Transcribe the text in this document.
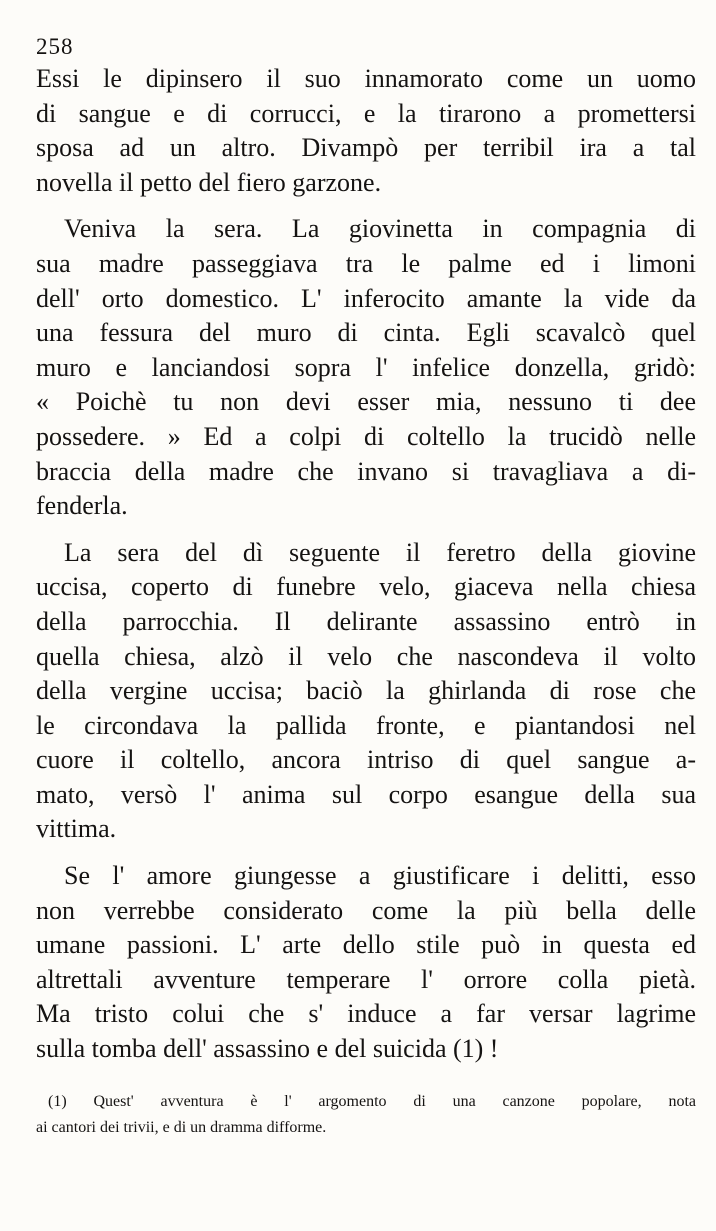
258

Essi le dipinsero il suo innamorato come un uomo
di sangue e di corrucci, e la tirarono a promettersi
sposa ad un altro. Divampò per terribil ira a tal
novella il petto del fiero garzone.

Veniva la sera. La giovinetta in compagnia di
sua madre passeggiava tra le palme ed i limoni
dell' orto domestico. L' inferocito amante la vide da
una fessura del muro di cinta. Egli scavalcò quel
muro e lanciandosi sopra l' infelice donzella, gridò:
« Poichè tu non devi esser mia, nessuno ti dee
possedere. » Ed a colpi di coltello la trucidò nelle
braccia della madre che invano si travagliava a di-
fenderla.

La sera del dì seguente il feretro della giovine
uccisa, coperto di funebre velo, giaceva nella chiesa
della parrocchia. Il delirante assassino entrò in
quella chiesa, alzò il velo che nascondeva il volto
della vergine uccisa; baciò la ghirlanda di rose che
le circondava la pallida fronte, e piantandosi nel
cuore il coltello, ancora intriso di quel sangue a-
mato, versò l' anima sul corpo esangue della sua
vittima.

Se l' amore giungesse a giustificare i delitti, esso
non verrebbe considerato come la più bella delle
umane passioni. L' arte dello stile può in questa ed
altrettali avventure temperare l' orrore colla pietà.
Ma tristo colui che s' induce a far versar lagrime
sulla tomba dell' assassino e del suicida (1) !

(1) Quest' avventura è l' argomento di una canzone popolare, nota
ai cantori dei trivii, e di un dramma difforme.
